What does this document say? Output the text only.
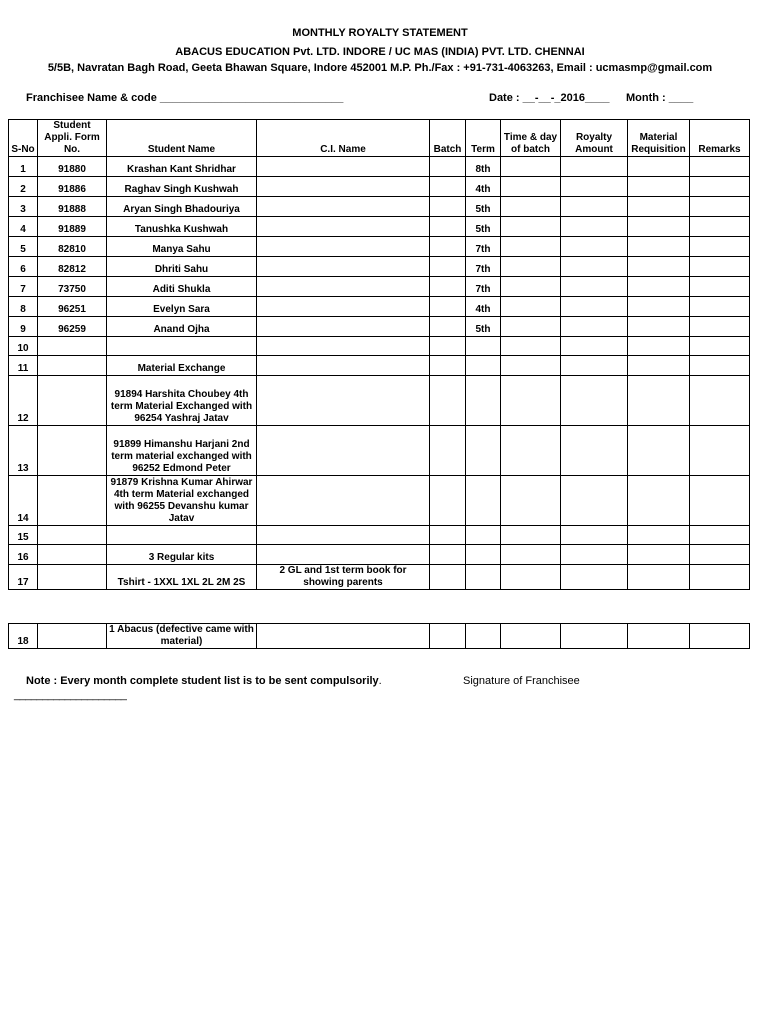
MONTHLY ROYALTY STATEMENT
ABACUS EDUCATION Pvt. LTD. INDORE / UC MAS (INDIA) PVT. LTD. CHENNAI
5/5B, Navratan Bagh Road, Geeta Bhawan Square, Indore 452001 M.P. Ph./Fax : +91-731-4063263, Email : ucmasmp@gmail.com
Franchisee Name & code ______________________________	Date : __-__-_2016____ Month : ____
S-No	Student Appli. Form No.	Student Name	C.I. Name	Batch	Term	Time & day of batch	Royalty Amount	Material Requisition	Remarks
1	91880	Krashan Kant Shridhar			8th				
2	91886	Raghav Singh Kushwah			4th				
3	91888	Aryan Singh Bhadouriya			5th				
4	91889	Tanushka Kushwah			5th				
5	82810	Manya Sahu			7th				
6	82812	Dhriti Sahu			7th				
7	73750	Aditi Shukla			7th				
8	96251	Evelyn Sara			4th				
9	96259	Anand Ojha			5th				
10									
11		Material Exchange							
12		91894 Harshita Choubey 4th term Material Exchanged with 96254 Yashraj Jatav							
13		91899 Himanshu Harjani 2nd term material exchanged with 96252 Edmond Peter							
14		91879 Krishna Kumar Ahirwar 4th term Material exchanged with 96255 Devanshu kumar Jatav							
15									
16		3 Regular kits							
17		Tshirt - 1XXL 1XL 2L 2M 2S	2 GL and 1st term book for showing parents						
18		1 Abacus (defective came with material)							
Note : Every month complete student list is to be sent compulsorily.	Signature of Franchisee
____________________
